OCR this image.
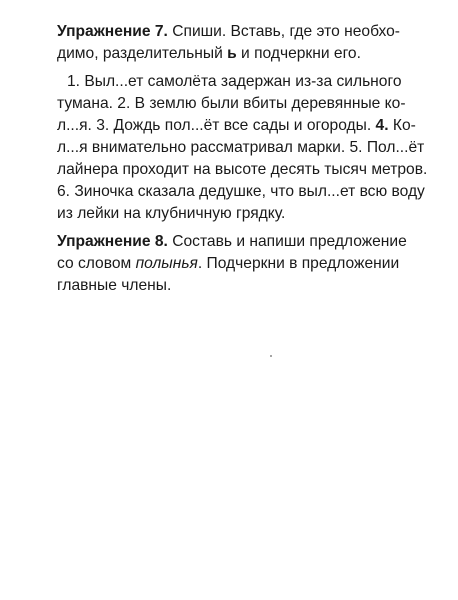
Упражнение 7. Спиши. Вставь, где это необхо-
димо, разделительный ь и подчеркни его.
1. Выл...ет самолёта задержан из-за сильного
тумана. 2. В землю были вбиты деревянные ко-
л...я. 3. Дождь пол...ёт все сады и огороды. 4. Ко-
л...я внимательно рассматривал марки. 5. Пол...ёт
лайнера проходит на высоте десять тысяч метров.
6. Зиночка сказала дедушке, что выл...ет всю воду
из лейки на клубничную грядку.
Упражнение 8. Составь и напиши предложение
со словом полынья. Подчеркни в предложении
главные члены.
